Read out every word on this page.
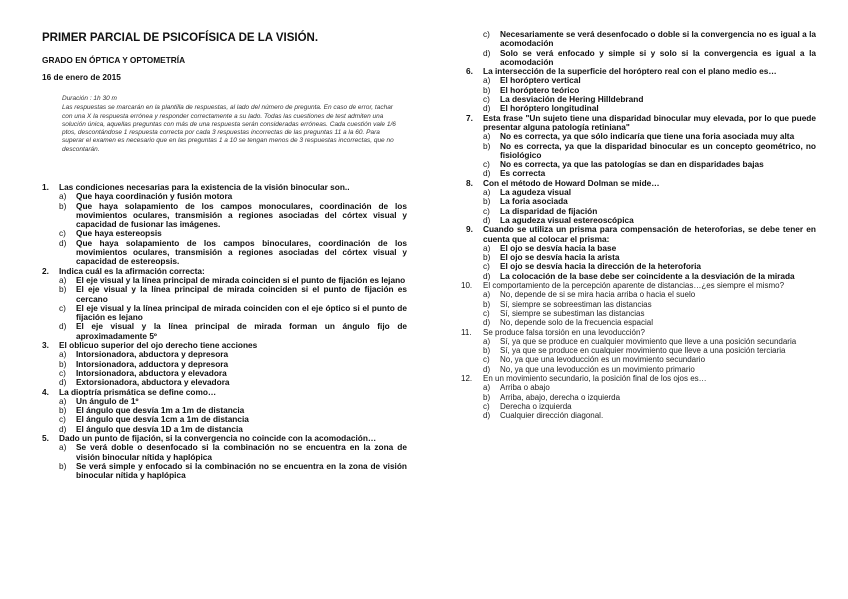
PRIMER PARCIAL DE PSICOFÍSICA DE LA VISIÓN.
GRADO EN ÓPTICA Y OPTOMETRÍA
16 de enero de 2015

Duración : 1h 30 m

Las respuestas se marcarán en la plantilla de respuestas, al lado del número de pregunta. En caso de error, tachar con una X la respuesta errónea y responder correctamente a su lado. Todas las cuestiones de test admiten una solución única, aquellas preguntas con más de una respuesta serán consideradas erróneas. Cada cuestión vale 1/6 ptos, descontándose 1 respuesta correcta por cada 3 respuestas incorrectas de las preguntas 11 a la 60. Para superar el examen es necesario que en las preguntas 1 a 10 se tengan menos de 3 respuestas incorrectas, que no descontarán.

1. Las condiciones necesarias para la existencia de la visión binocular son..
a) Que haya coordinación y fusión motora
b) Que haya solapamiento de los campos monoculares, coordinación de los movimientos oculares, transmisión a regiones asociadas del córtex visual y capacidad de fusionar las imágenes.
c) Que haya estereopsis
d) Que haya solapamiento de los campos binoculares, coordinación de los movimientos oculares, transmisión a regiones asociadas del córtex visual y capacidad de estereopsis.
2. Indica cuál es la afirmación correcta:
a) El eje visual y la línea principal de mirada coinciden si el punto de fijación es lejano
b) El eje visual y la línea principal de mirada coinciden si el punto de fijación es cercano
c) El eje visual y la línea principal de mirada coinciden con el eje óptico si el punto de fijación es lejano
d) El eje visual y la línea principal de mirada forman un ángulo fijo de aproximadamente 5º
3. El oblicuo superior del ojo derecho tiene acciones
a) Intorsionadora, abductora y depresora
b) Intorsionadora, adductora y depresora
c) Intorsionadora, abductora y elevadora
d) Extorsionadora, abductora y elevadora
4. La dioptría prismática se define como…
a) Un ángulo de 1º
b) El ángulo que desvía 1m a 1m de distancia
c) El ángulo que desvía 1cm a 1m de distancia
d) El ángulo que desvía 1D a 1m de distancia
5. Dado un punto de fijación, si la convergencia no coincide con la acomodación…
a) Se verá doble o desenfocado si la combinación no se encuentra en la zona de visión binocular nítida y haplópica
b) Se verá simple y enfocado si la combinación no se encuentra en la zona de visión binocular nítida y haplópica
c) Necesariamente se verá desenfocado o doble si la convergencia no es igual a la acomodación
d) Solo se verá enfocado y simple si y solo si la convergencia es igual a la acomodación
6. La intersección de la superficie del horóptero real con el plano medio es…
a) El horóptero vertical
b) El horóptero teórico
c) La desviación de Hering Hilldebrand
d) El horóptero longitudinal
7. Esta frase "Un sujeto tiene una disparidad binocular muy elevada, por lo que puede presentar alguna patología retiniana"
a) No es correcta, ya que sólo indicaría que tiene una foria asociada muy alta
b) No es correcta, ya que la disparidad binocular es un concepto geométrico, no fisiológico
c) No es correcta, ya que las patologías se dan en disparidades bajas
d) Es correcta
8. Con el método de Howard Dolman se mide…
a) La agudeza visual
b) La foria asociada
c) La disparidad de fijación
d) La agudeza visual estereoscópica
9. Cuando se utiliza un prisma para compensación de heteroforias, se debe tener en cuenta que al colocar el prisma:
a) El ojo se desvía hacia la base
b) El ojo se desvía hacia la arista
c) El ojo se desvía hacia la dirección de la heteroforia
d) La colocación de la base debe ser coincidente a la desviación de la mirada
10. El comportamiento de la percepción aparente de distancias…¿es siempre el mismo?
a) No, depende de si se mira hacia arriba o hacia el suelo
b) Sí, siempre se sobreestiman las distancias
c) Sí, siempre se subestiman las distancias
d) No, depende solo de la frecuencia espacial
11. Se produce falsa torsión en una levoducción?
a) Sí, ya que se produce en cualquier movimiento que lleve a una posición secundaria
b) Sí, ya que se produce en cualquier movimiento que lleve a una posición terciaria
c) No, ya que una levoducción es un movimiento secundario
d) No, ya que una levoducción es un movimiento primario
12. En un movimiento secundario, la posición final de los ojos es…
a) Arriba o abajo
b) Arriba, abajo, derecha o izquierda
c) Derecha o izquierda
d) Cualquier dirección diagonal.
